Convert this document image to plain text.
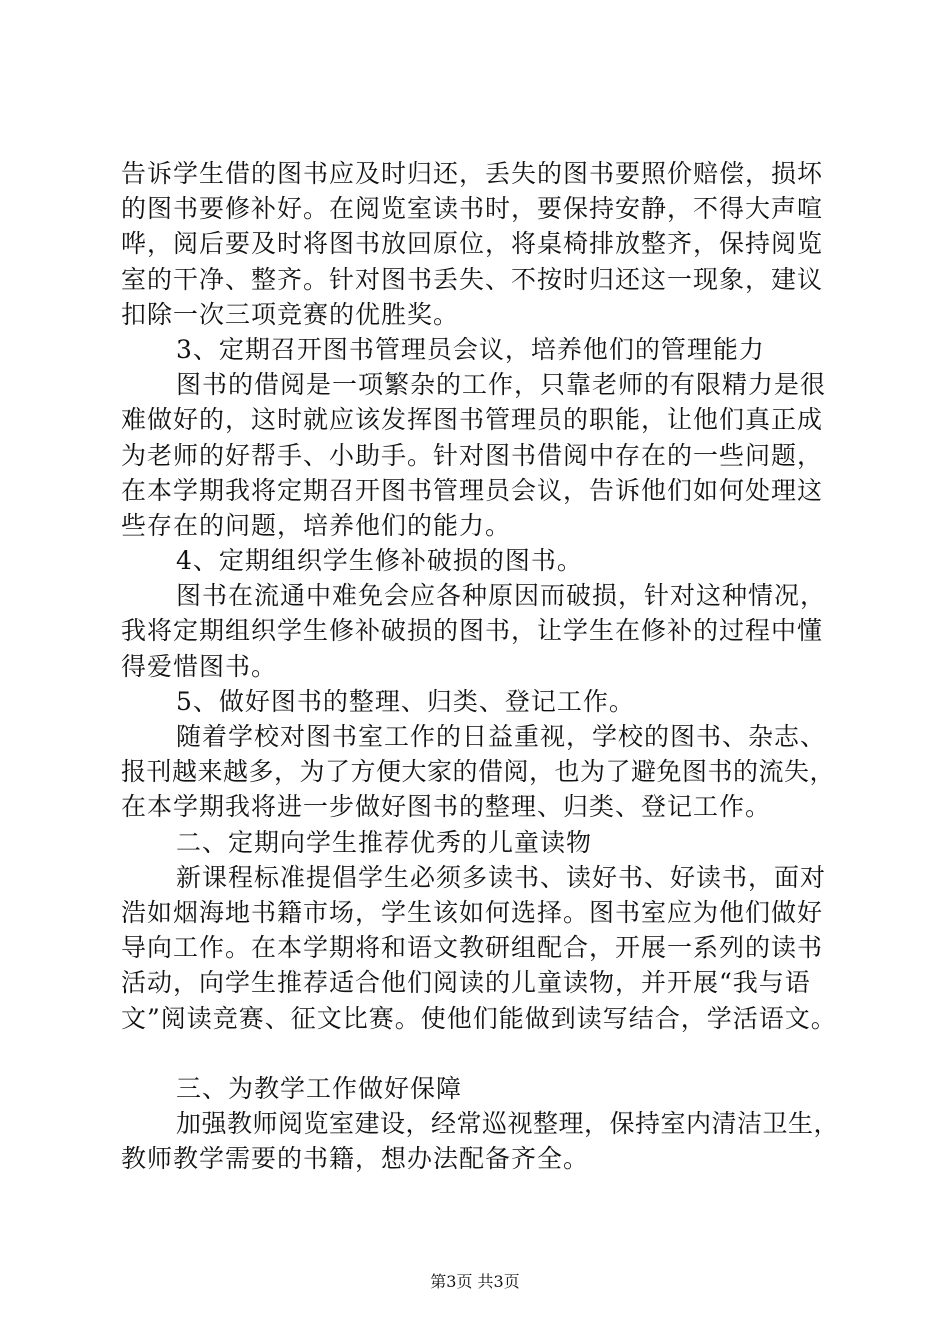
告诉学生借的图书应及时归还，丢失的图书要照价赔偿，损坏
的图书要修补好。在阅览室读书时，要保持安静，不得大声喧
哗，阅后要及时将图书放回原位，将桌椅排放整齐，保持阅览
室的干净、整齐。针对图书丢失、不按时归还这一现象，建议
扣除一次三项竞赛的优胜奖。
3、定期召开图书管理员会议，培养他们的管理能力
图书的借阅是一项繁杂的工作，只靠老师的有限精力是很
难做好的，这时就应该发挥图书管理员的职能，让他们真正成
为老师的好帮手、小助手。针对图书借阅中存在的一些问题，
在本学期我将定期召开图书管理员会议，告诉他们如何处理这
些存在的问题，培养他们的能力。
4、定期组织学生修补破损的图书。
图书在流通中难免会应各种原因而破损，针对这种情况，
我将定期组织学生修补破损的图书，让学生在修补的过程中懂
得爱惜图书。
5、做好图书的整理、归类、登记工作。
随着学校对图书室工作的日益重视，学校的图书、杂志、
报刊越来越多，为了方便大家的借阅，也为了避免图书的流失，
在本学期我将进一步做好图书的整理、归类、登记工作。
二、定期向学生推荐优秀的儿童读物
新课程标准提倡学生必须多读书、读好书、好读书，面对
浩如烟海地书籍市场，学生该如何选择。图书室应为他们做好
导向工作。在本学期将和语文教研组配合，开展一系列的读书
活动，向学生推荐适合他们阅读的儿童读物，并开展“我与语
文”阅读竞赛、征文比赛。使他们能做到读写结合，学活语文。
三、为教学工作做好保障
加强教师阅览室建设，经常巡视整理，保持室内清洁卫生，
教师教学需要的书籍，想办法配备齐全。
第3页 共3页
